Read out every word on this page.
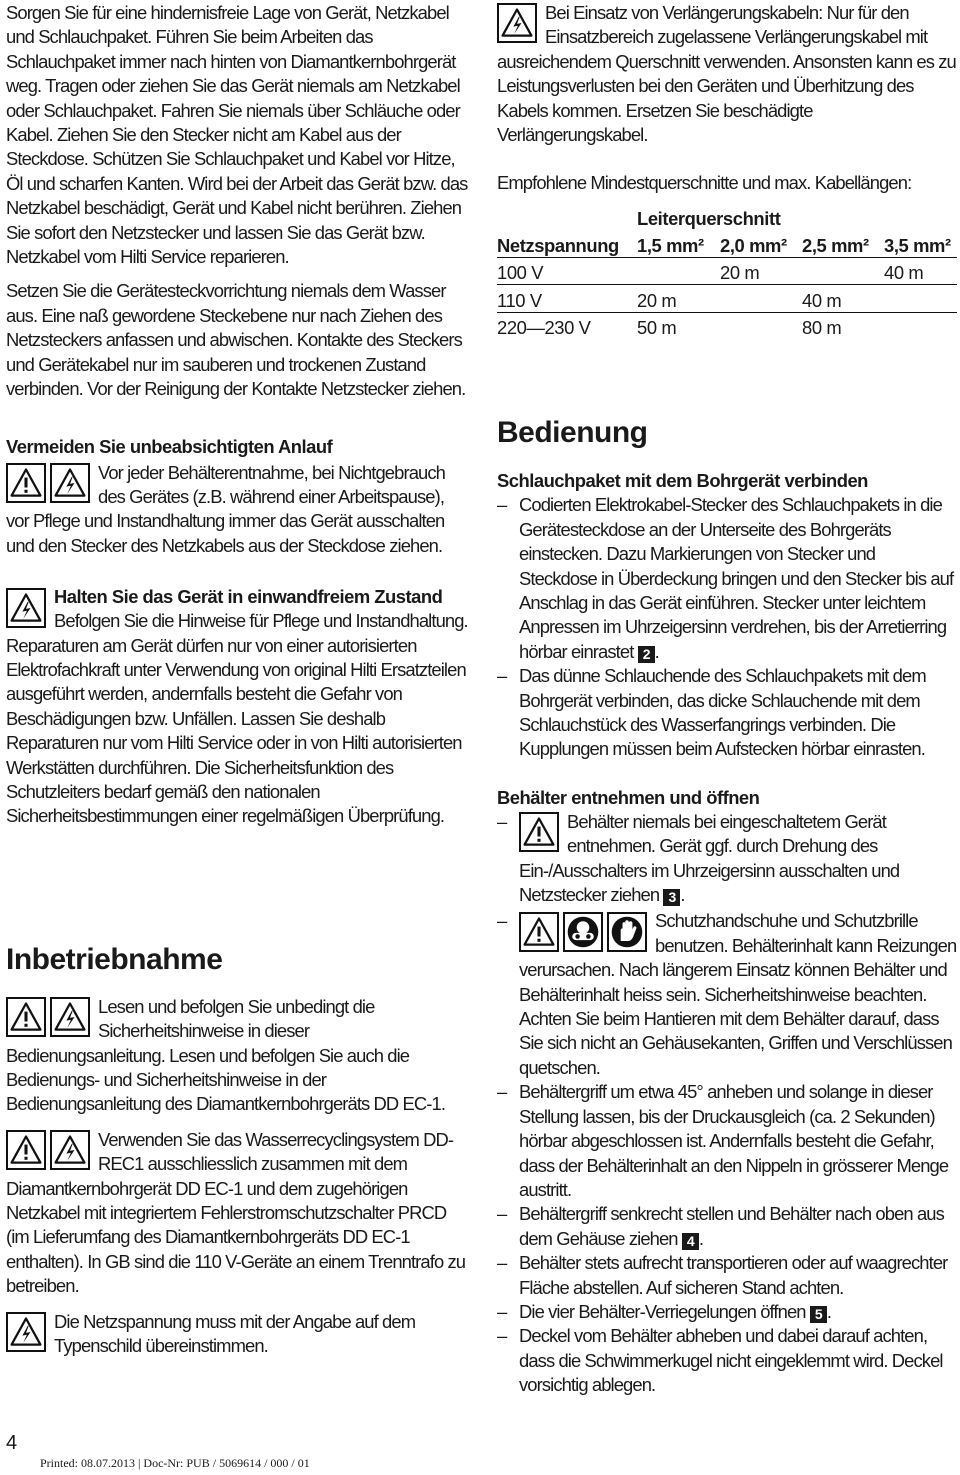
Sorgen Sie für eine hindernisfreie Lage von Gerät, Netzkabel und Schlauchpaket. Führen Sie beim Arbeiten das Schlauchpaket immer nach hinten von Diamantkernbohrgerät weg. Tragen oder ziehen Sie das Gerät niemals am Netzkabel oder Schlauchpaket. Fahren Sie niemals über Schläuche oder Kabel. Ziehen Sie den Stecker nicht am Kabel aus der Steckdose. Schützen Sie Schlauchpaket und Kabel vor Hitze, Öl und scharfen Kanten. Wird bei der Arbeit das Gerät bzw. das Netzkabel beschädigt, Gerät und Kabel nicht berühren. Ziehen Sie sofort den Netzstecker und lassen Sie das Gerät bzw. Netzkabel vom Hilti Service reparieren.

Setzen Sie die Gerätesteckvorrichtung niemals dem Wasser aus. Eine naß gewordene Steckebene nur nach Ziehen des Netzsteckers anfassen und abwischen. Kontakte des Steckers und Gerätekabel nur im sauberen und trockenen Zustand verbinden. Vor der Reinigung der Kontakte Netzstecker ziehen.

Vermeiden Sie unbeabsichtigten Anlauf

Vor jeder Behälterentnahme, bei Nichtgebrauch des Gerätes (z.B. während einer Arbeitspause), vor Pflege und Instandhaltung immer das Gerät ausschalten und den Stecker des Netzkabels aus der Steckdose ziehen.

Halten Sie das Gerät in einwandfreiem Zustand

Befolgen Sie die Hinweise für Pflege und Instandhaltung. Reparaturen am Gerät dürfen nur von einer autorisierten Elektrofachkraft unter Verwendung von original Hilti Ersatzteilen ausgeführt werden, andernfalls besteht die Gefahr von Beschädigungen bzw. Unfällen. Lassen Sie deshalb Reparaturen nur vom Hilti Service oder in von Hilti autorisierten Werkstätten durchführen. Die Sicherheitsfunktion des Schutzleiters bedarf gemäß den nationalen Sicherheitsbestimmungen einer regelmäßigen Überprüfung.

Inbetriebnahme

Lesen und befolgen Sie unbedingt die Sicherheitshinweise in dieser Bedienungsanleitung. Lesen und befolgen Sie auch die Bedienungs- und Sicherheitshinweise in der Bedienungsanleitung des Diamantkernbohrgeräts DD EC-1.

Verwenden Sie das Wasserrecyclingsystem DD-REC1 ausschliesslich zusammen mit dem Diamantkernbohrgerät DD EC-1 und dem zugehörigen Netzkabel mit integriertem Fehlerstromschutzschalter PRCD (im Lieferumfang des Diamantkernbohrgeräts DD EC-1 enthalten). In GB sind die 110 V-Geräte an einem Trenntrafo zu betreiben.

Die Netzspannung muss mit der Angabe auf dem Typenschild übereinstimmen.

Bei Einsatz von Verlängerungskabeln: Nur für den Einsatzbereich zugelassene Verlängerungskabel mit ausreichendem Querschnitt verwenden. Ansonsten kann es zu Leistungsverlusten bei den Geräten und Überhitzung des Kabels kommen. Ersetzen Sie beschädigte Verlängerungskabel.

Empfohlene Mindestquerschnitte und max. Kabellängen:

	Leiterquerschnitt			
Netzspannung	1,5 mm²	2,0 mm²	2,5 mm²	3,5 mm²
100 V		20 m		40 m
110 V	20 m		40 m	
220—230 V	50 m		80 m	

Bedienung

Schlauchpaket mit dem Bohrgerät verbinden

– Codierten Elektrokabel-Stecker des Schlauchpakets in die Gerätesteckdose an der Unterseite des Bohrgeräts einstecken. Dazu Markierungen von Stecker und Steckdose in Überdeckung bringen und den Stecker bis auf Anschlag in das Gerät einführen. Stecker unter leichtem Anpressen im Uhrzeigersinn verdrehen, bis der Arretierring hörbar einrastet 2 .
– Das dünne Schlauchende des Schlauchpakets mit dem Bohrgerät verbinden, das dicke Schlauchende mit dem Schlauchstück des Wasserfangrings verbinden. Die Kupplungen müssen beim Aufstecken hörbar einrasten.

Behälter entnehmen und öffnen

–	Behälter niemals bei eingeschaltetem Gerät entnehmen. Gerät ggf. durch Drehung des Ein-/Ausschalters im Uhrzeigersinn ausschalten und Netzstecker ziehen 3 .
–	Schutzhandschuhe und Schutzbrille benutzen. Behälterinhalt kann Reizungen verursachen. Nach längerem Einsatz können Behälter und Behälterinhalt heiss sein. Sicherheitshinweise beachten. Achten Sie beim Hantieren mit dem Behälter darauf, dass Sie sich nicht an Gehäusekanten, Griffen und Verschlüssen quetschen.
– Behältergriff um etwa 45° anheben und solange in dieser Stellung lassen, bis der Druckausgleich (ca. 2 Sekunden) hörbar abgeschlossen ist. Andernfalls besteht die Gefahr, dass der Behälterinhalt an den Nippeln in grösserer Menge austritt.
– Behältergriff senkrecht stellen und Behälter nach oben aus dem Gehäuse ziehen 4 .
– Behälter stets aufrecht transportieren oder auf waagrechter Fläche abstellen. Auf sicheren Stand achten.
– Die vier Behälter-Verriegelungen öffnen 5 .
– Deckel vom Behälter abheben und dabei darauf achten, dass die Schwimmerkugel nicht eingeklemmt wird. Deckel vorsichtig ablegen.
4
Printed: 08.07.2013 | Doc-Nr: PUB / 5069614 / 000 / 01
